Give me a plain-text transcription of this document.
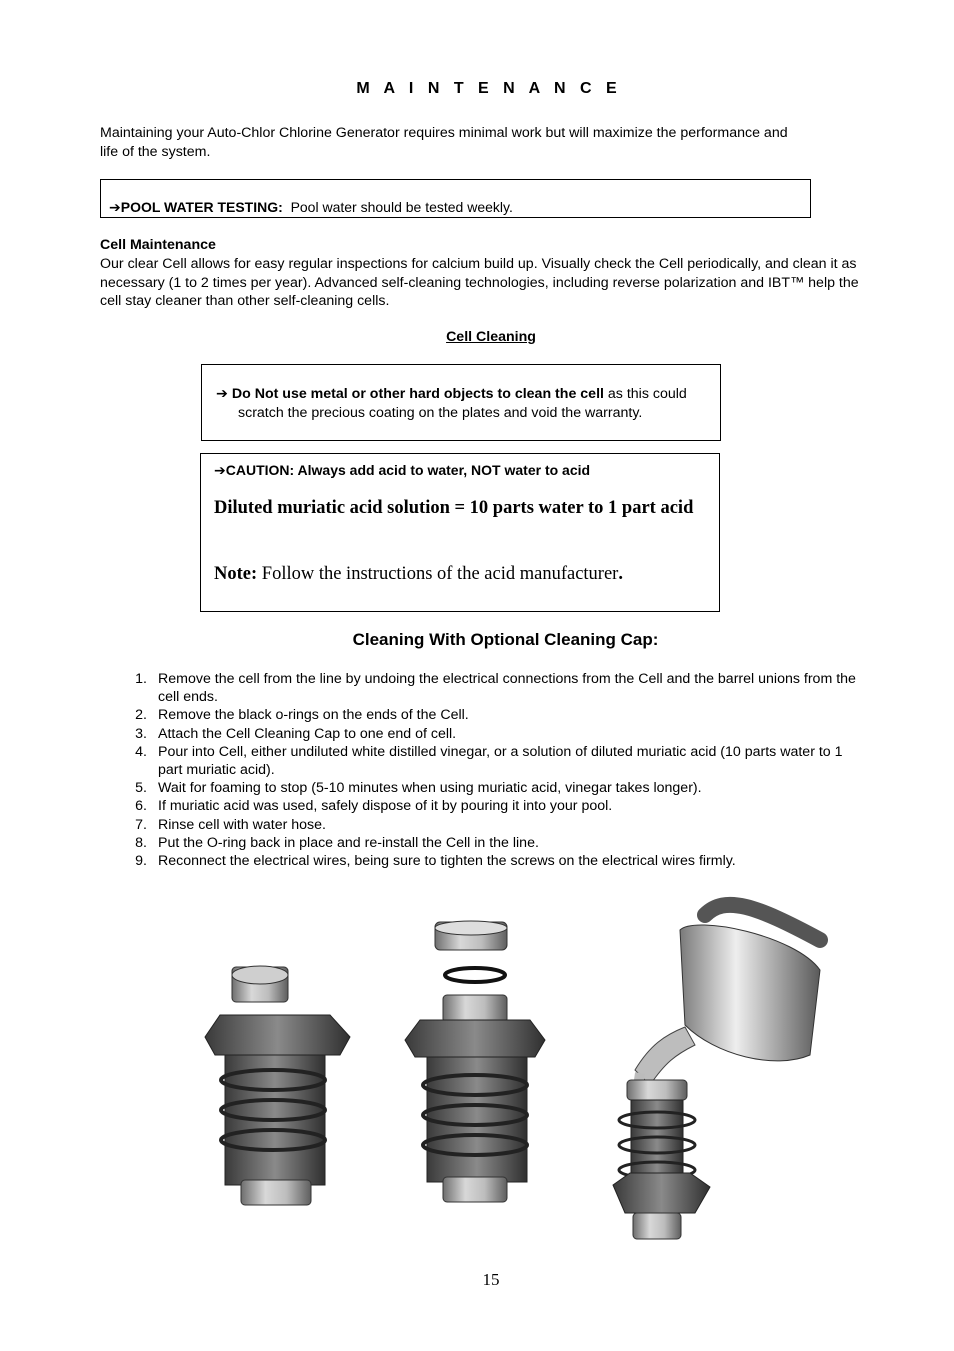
M A I N T E N A N C E
Maintaining your Auto-Chlor Chlorine Generator requires minimal work but will maximize the performance and life of the system.
➔POOL WATER TESTING: Pool water should be tested weekly.
Cell Maintenance
Our clear Cell allows for easy regular inspections for calcium build up. Visually check the Cell periodically, and clean it as necessary (1 to 2 times per year). Advanced self-cleaning technologies, including reverse polarization and IBT™ help the cell stay cleaner than other self-cleaning cells.
Cell Cleaning
➔ Do Not use metal or other hard objects to clean the cell as this could scratch the precious coating on the plates and void the warranty.
➔CAUTION: Always add acid to water, NOT water to acid
Diluted muriatic acid solution = 10 parts water to 1 part acid
Note: Follow the instructions of the acid manufacturer.
Cleaning With Optional Cleaning Cap:
1. Remove the cell from the line by undoing the electrical connections from the Cell and the barrel unions from the cell ends.
2. Remove the black o-rings on the ends of the Cell.
3. Attach the Cell Cleaning Cap to one end of cell.
4. Pour into Cell, either undiluted white distilled vinegar, or a solution of diluted muriatic acid (10 parts water to 1 part muriatic acid).
5. Wait for foaming to stop (5-10 minutes when using muriatic acid, vinegar takes longer).
6. If muriatic acid was used, safely dispose of it by pouring it into your pool.
7. Rinse cell with water hose.
8. Put the O-ring back in place and re-install the Cell in the line.
9. Reconnect the electrical wires, being sure to tighten the screws on the electrical wires firmly.
15
